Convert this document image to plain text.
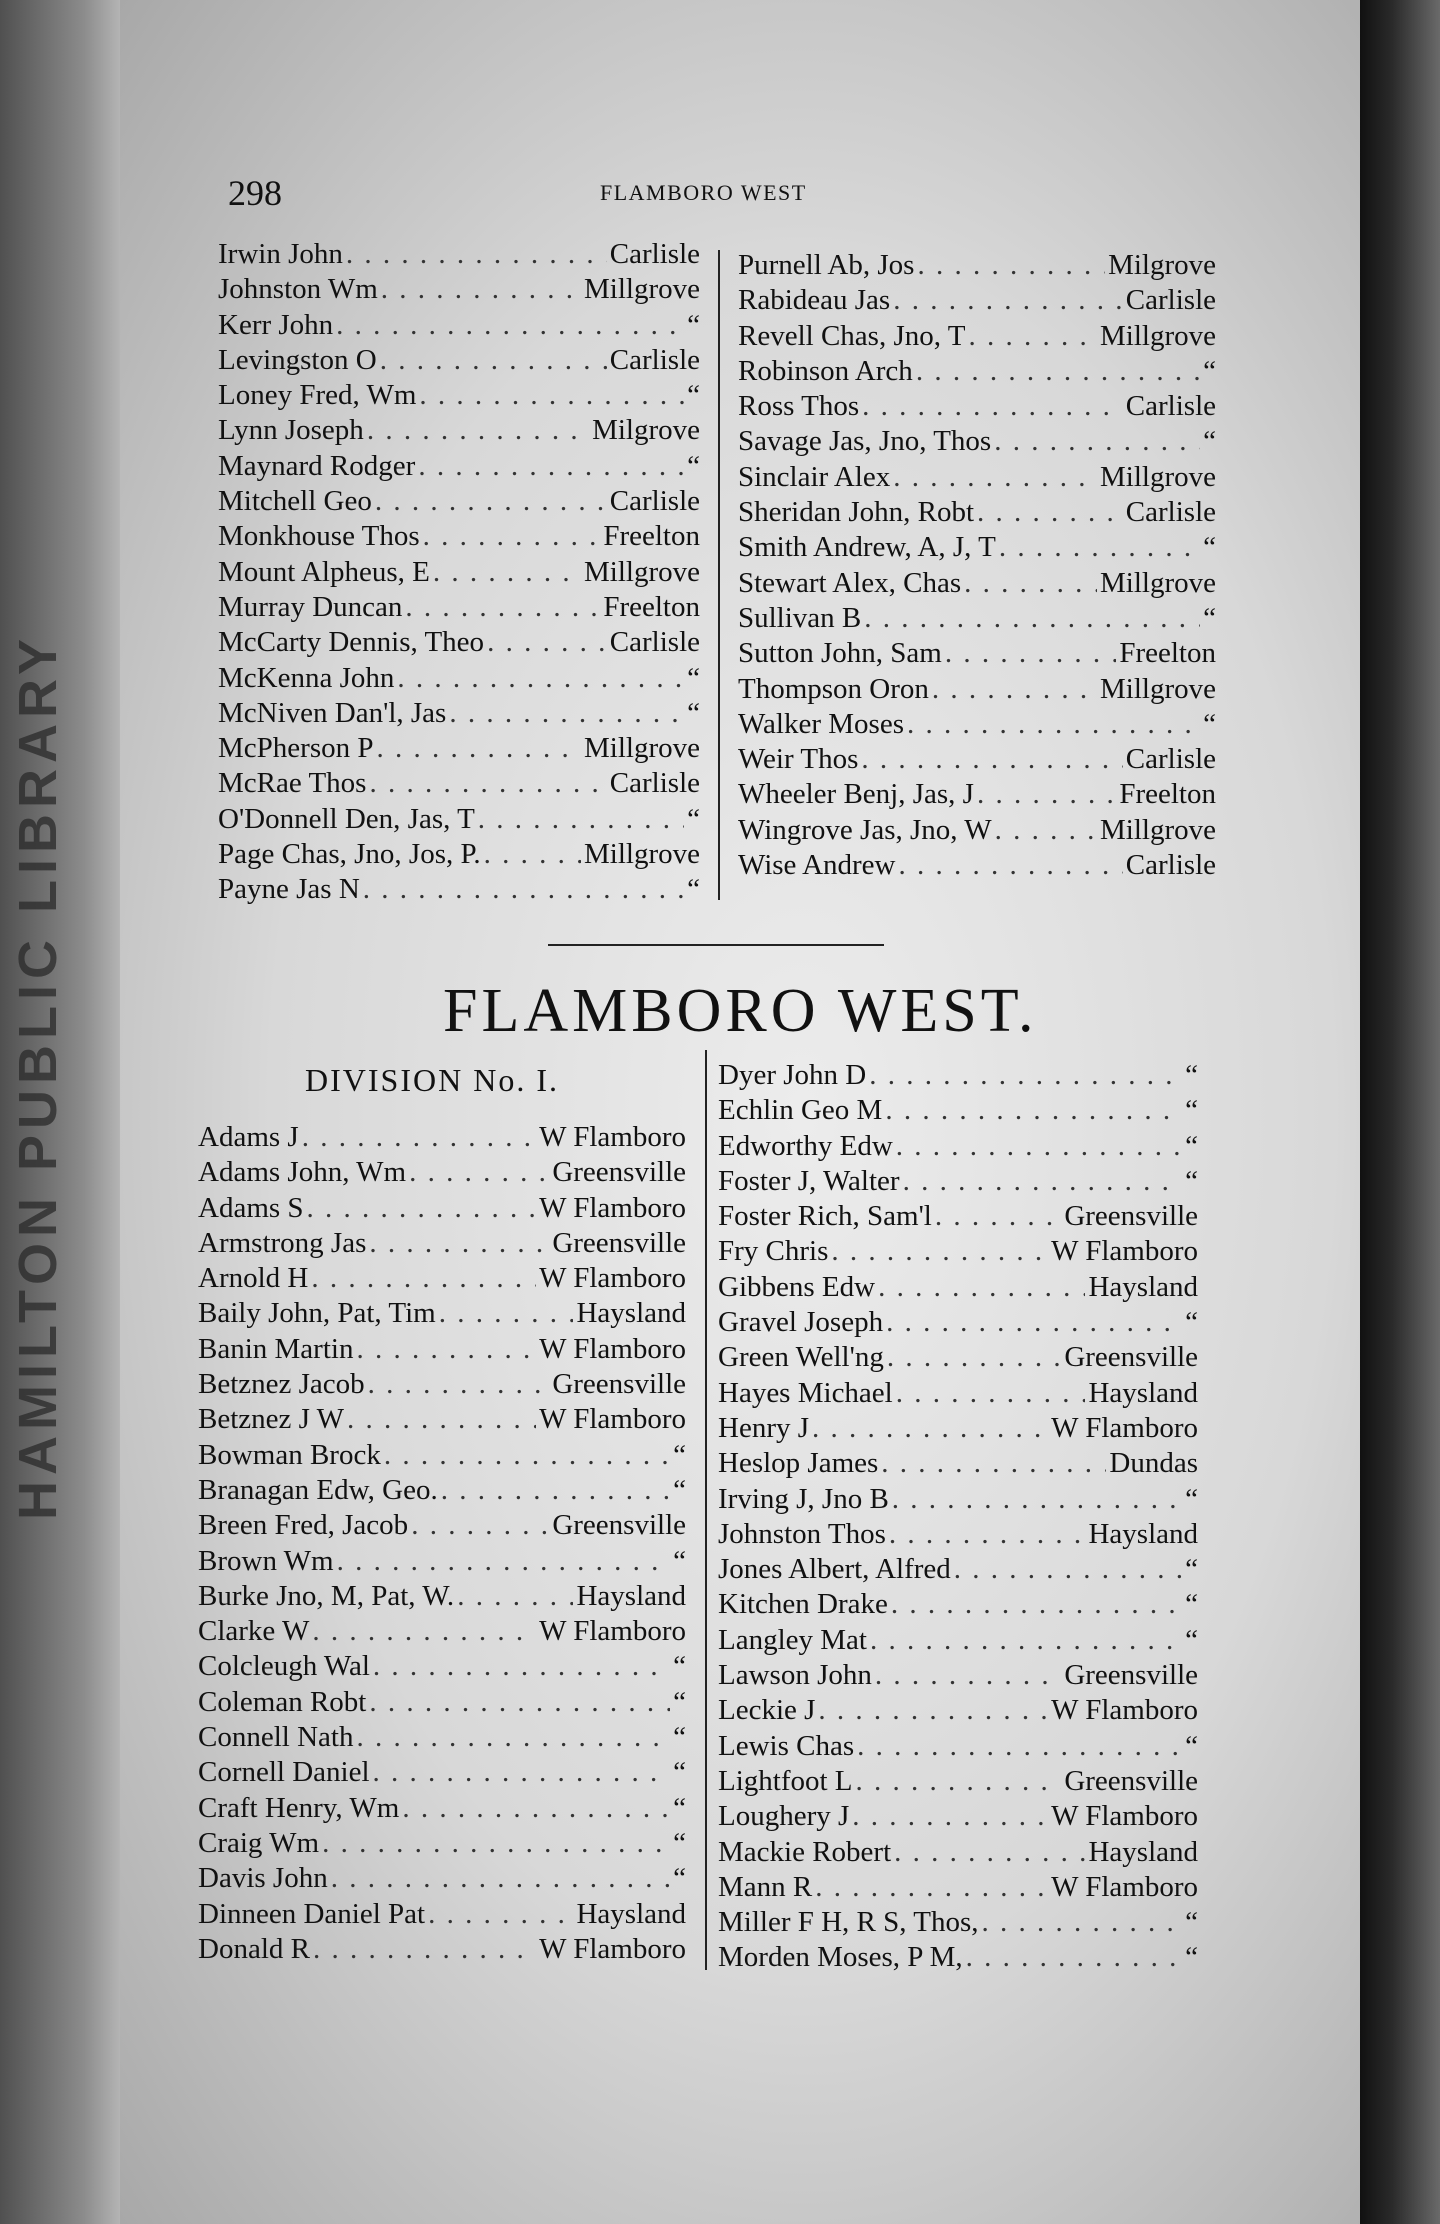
HAMILTON PUBLIC LIBRARY
298	FLAMBORO WEST
Irwin John . . .	Carlisle
Johnston Wm . . .	Millgrove
Kerr John . . .	“
Levingston O . . .	Carlisle
Loney Fred, Wm . . .	“
Lynn Joseph . . .	Milgrove
Maynard Rodger . . .	“
Mitchell Geo . . .	Carlisle
Monkhouse Thos . . .	Freelton
Mount Alpheus, E . . .	Millgrove
Murray Duncan . . .	Freelton
McCarty Dennis, Theo . . .	Carlisle
McKenna John . . .	“
McNiven Dan'l, Jas . . .	“
McPherson P . . .	Millgrove
McRae Thos . . .	Carlisle
O'Donnell Den, Jas, T . . .	“
Page Chas, Jno, Jos, P. . . .	Millgrove
Payne Jas N . . .	“
Purnell Ab, Jos . . .	Milgrove
Rabideau Jas . . .	Carlisle
Revell Chas, Jno, T . . .	Millgrove
Robinson Arch . . .	“
Ross Thos . . .	Carlisle
Savage Jas, Jno, Thos . . .	“
Sinclair Alex . . .	Millgrove
Sheridan John, Robt . . .	Carlisle
Smith Andrew, A, J, T . . .	“
Stewart Alex, Chas . . .	Millgrove
Sullivan B . . .	“
Sutton John, Sam . . .	Freelton
Thompson Oron . . .	Millgrove
Walker Moses . . .	“
Weir Thos . . .	Carlisle
Wheeler Benj, Jas, J . . .	Freelton
Wingrove Jas, Jno, W . . .	Millgrove
Wise Andrew . . .	Carlisle
FLAMBORO WEST.
DIVISION No. I.
Adams J . . .	W Flamboro
Adams John, Wm . . .	Greensville
Adams S . . .	W Flamboro
Armstrong Jas . . .	Greensville
Arnold H . . .	W Flamboro
Baily John, Pat, Tim . . .	Haysland
Banin Martin . . .	W Flamboro
Betznez Jacob . . .	Greensville
Betznez J W . . .	W Flamboro
Bowman Brock . . .	“
Branagan Edw, Geo. . . .	“
Breen Fred, Jacob . . .	Greensville
Brown Wm . . .	“
Burke Jno, M, Pat, W. . . .	Haysland
Clarke W . . .	W Flamboro
Colcleugh Wal . . .	“
Coleman Robt . . .	“
Connell Nath . . .	“
Cornell Daniel . . .	“
Craft Henry, Wm . . .	“
Craig Wm . . .	“
Davis John . . .	“
Dinneen Daniel Pat . . .	Haysland
Donald R . . .	W Flamboro
Dyer John D . . .	“
Echlin Geo M . . .	“
Edworthy Edw . . .	“
Foster J, Walter . . .	“
Foster Rich, Sam'l . . .	Greensville
Fry Chris . . .	W Flamboro
Gibbens Edw . . .	Haysland
Gravel Joseph . . .	“
Green Well'ng . . .	Greensville
Hayes Michael . . .	Haysland
Henry J . . .	W Flamboro
Heslop James . . .	Dundas
Irving J, Jno B . . .	“
Johnston Thos . . .	Haysland
Jones Albert, Alfred . . .	“
Kitchen Drake . . .	“
Langley Mat . . .	“
Lawson John . . .	Greensville
Leckie J . . .	W Flamboro
Lewis Chas . . .	“
Lightfoot L . . .	Greensville
Loughery J . . .	W Flamboro
Mackie Robert . . .	Haysland
Mann R . . .	W Flamboro
Miller F H, R S, Thos, . . .	“
Morden Moses, P M, . . .	“
